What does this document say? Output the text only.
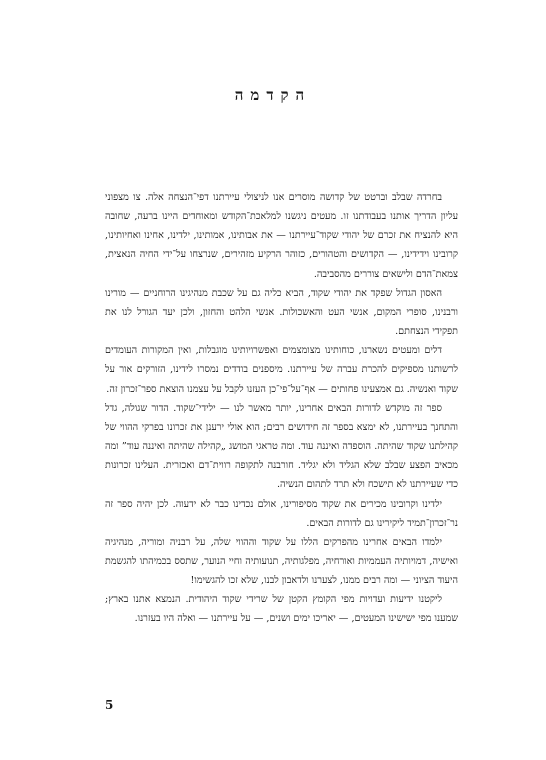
הקדמה

בחרדה שבלב וברטט של קדושה מוסרים אנו לניצולי עיירתנו דפי־הנצחה אלה. צו מצפוני עליון הדריך אותנו בעבודתנו זו. מעטים ניגשנו למלאכת־הקודש ומאוחדים היינו ברעה, שחובה היא להנציח את זכרם של יהודי שקוד־עיירתנו — את אבותינו, אמותינו, ילדינו, אחינו ואחיותינו, קרובינו וידידינו, — הקדושים והטהורים, כזוהר הרקיע מזהירים, שנרצחו על־ידי החיה הנאצית, צמאת־הדם ולישאים צוררים מהסביבה.

האסון הגדול שפקד את יהודי שקוד, הביא כליה גם על שכבת מנהיגינו הרוחניים — מורינו ורבנינו, סופרי המקום, אנשי העט והאשכולות. אנשי הלהט והחזון, ולכן יעד הגורל לנו את תפקידי הנצחתם.

דלים ומעטים נשארנו, כוחותינו מצומצמים ואפשרויותינו מוגבלות, ואין המקורות העומדים לרשותנו מספיקים להכרת עברה של עיירתנו. מיספנים בודדים נמסרו לידינו, הזורקים אור על שקוד ואנשיה. גם אמצעינו פחותים — אף־על־פי־כן העזנו לקבל על עצמנו הוצאת ספר־זכרון זה.

ספר זה מוקדש לדורות הבאים אחרינו, יותר מאשר לנו — ילידי־שקוד. הדור שגולה, גדל והתחנך בעיירתנו, לא ימצא בספר זה חידושים רבים; הוא אולי ירענן את זכרונו בפרקי ההווי של קהילתנו שקוד שהיתה. הוספדה ואיננה עוד. ומה טראגי המושג „קהילה שהיתה ואיננה עוד” ומה מכאיב הפצע שבלב שלא הגליד ולא יגליד. חורבנה לתקופה רווית־דם ואכזרית. העלינו זכרונות כדי שעיירתנו לא תישכח ולא תרד לתהום הנשיה.

ילדינו וקרובינו מכירים את שקוד מסיפורינו, אולם נכדינו כבר לא ידעוה. לכן יהיה ספר זה נר־זכרון־תמיד ליקירינו גם לדורות הבאים.

ילמדו הבאים אחרינו מהפרקים הללו על שקוד וההווי שלה, על רבניה ומוריה, מנהיגיה ואישיה, דמויותיה העממיות ואורחיה, מפלגותיה, תנועותיה וחיי הנוער, שתסס בכמיהתו להגשמת היעוד הציוני — ומה רבים ממנו, לצערנו ולדאבון לבנו, שלא זכו להגשימו!

ליקטנו ידיעות ועדויות מפי הקומץ הקטן של שרידי שקוד היהודית. הנמצא אתנו בארץ; שמענו מפי ישישינו המעטים, — יאריכו ימים ושנים, — על עיירתנו — ואלה היו בעזרנו.

5
